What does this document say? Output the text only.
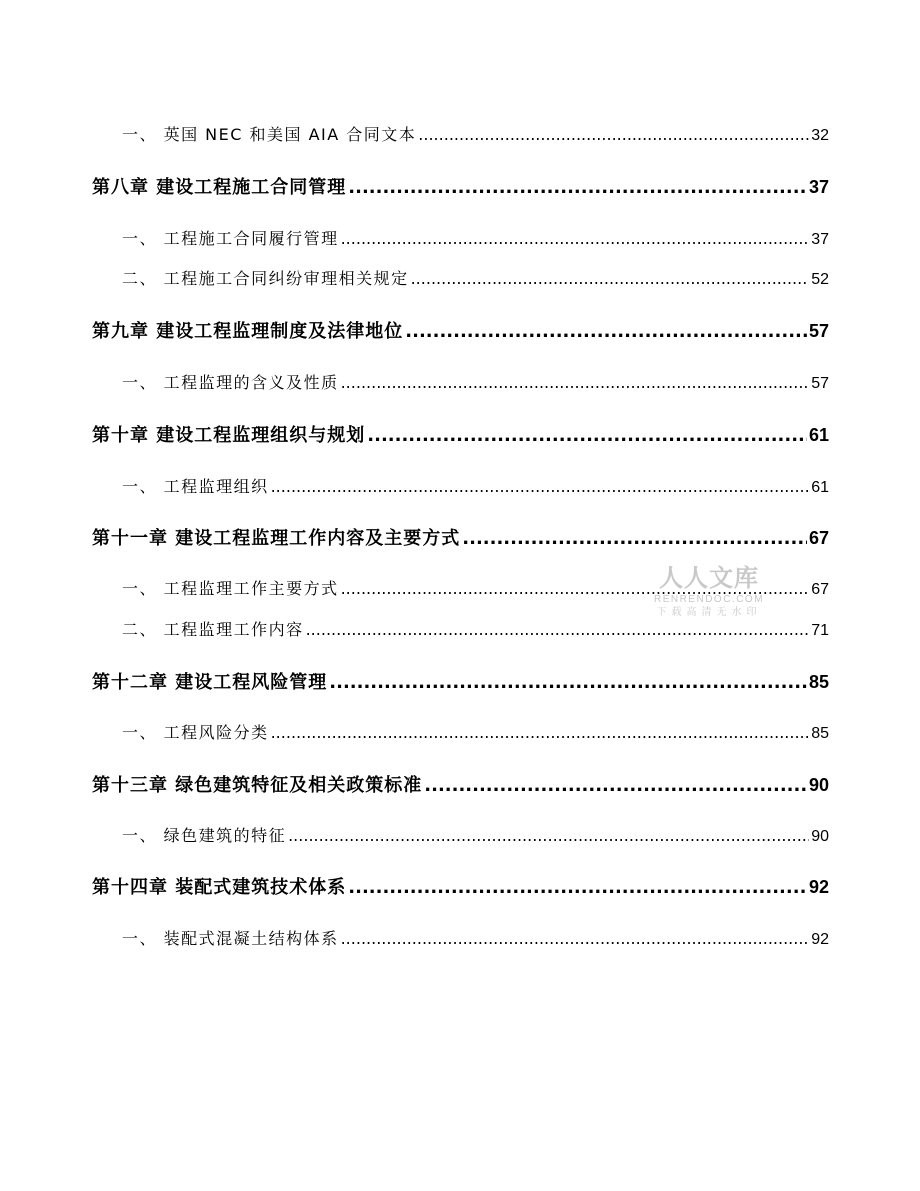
一、 英国 NEC 和美国 AIA 合同文本 .....	32
第八章 建设工程施工合同管理 .....	37
一、 工程施工合同履行管理 .....	37
二、 工程施工合同纠纷审理相关规定 .....	52
第九章 建设工程监理制度及法律地位 .....	57
一、 工程监理的含义及性质 .....	57
第十章 建设工程监理组织与规划 .....	61
一、 工程监理组织 .....	61
第十一章 建设工程监理工作内容及主要方式 .....	67
一、 工程监理工作主要方式 .....	67
二、 工程监理工作内容 .....	71
第十二章 建设工程风险管理 .....	85
一、 工程风险分类 .....	85
第十三章 绿色建筑特征及相关政策标准 .....	90
一、 绿色建筑的特征 .....	90
第十四章 装配式建筑技术体系 .....	92
一、 装配式混凝土结构体系 .....	92
人人文库
RENRENDOC.COM
下载高清无水印
